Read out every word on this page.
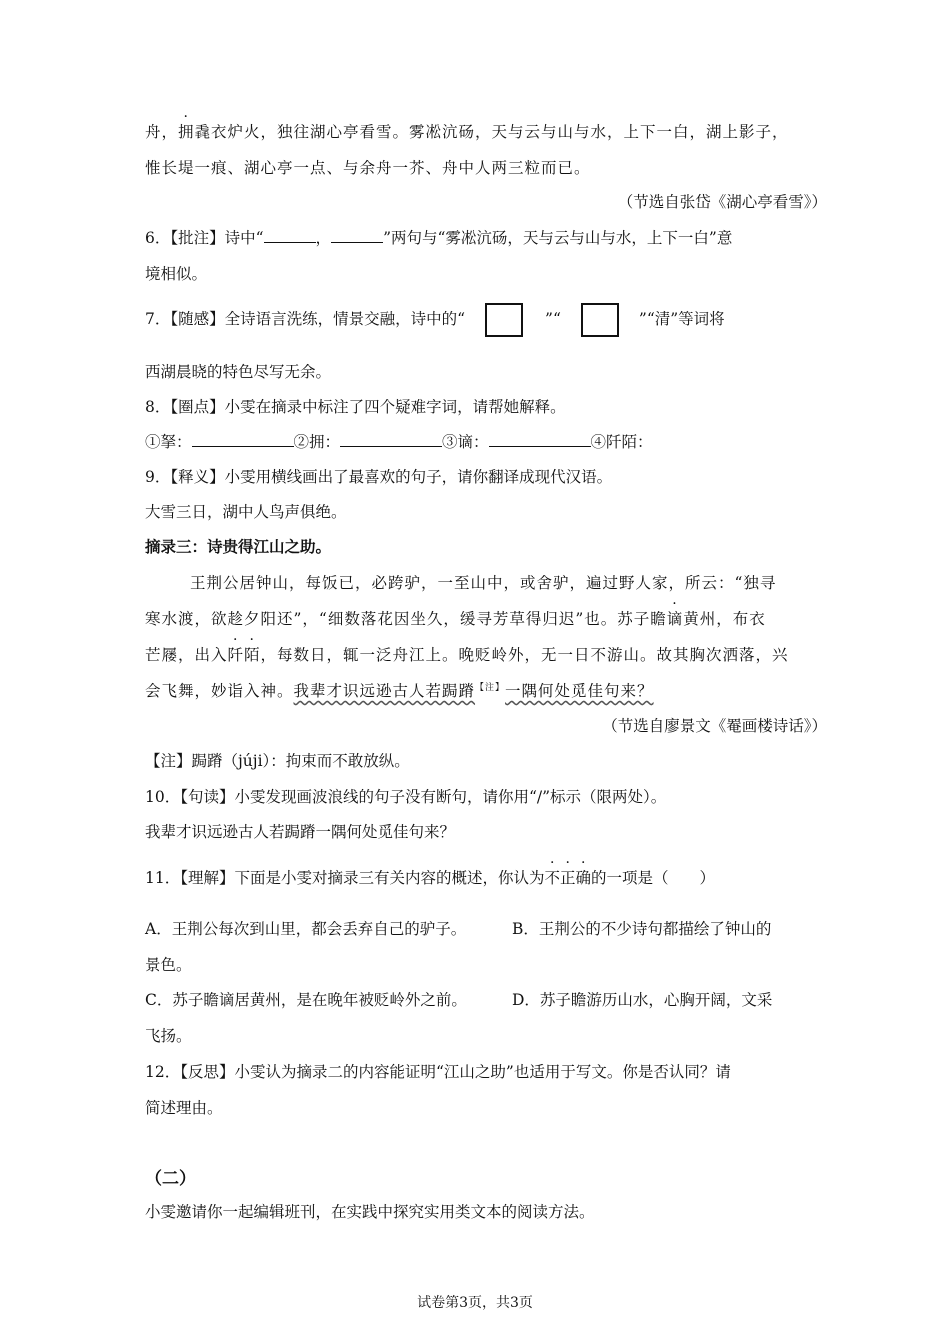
舟，拥毳衣炉火，独往湖心亭看雪。雾凇沆砀，天与云与山与水，上下一白，湖上影子，
惟长堤一痕、湖心亭一点、与余舟一芥、舟中人两三粒而已。
（节选自张岱《湖心亭看雪》）
6．【批注】诗中“	，	”两句与“雾凇沆砀，天与云与山与水，上下一白”意
境相似。
7．【随感】全诗语言洗练，情景交融，诗中的“	”“	”“清”等词将
西湖晨晓的特色尽写无余。
8．【圈点】小雯在摘录中标注了四个疑难字词，请帮她解释。
①拏：	②拥：	③谪：	④阡陌：
9．【释义】小雯用横线画出了最喜欢的句子，请你翻译成现代汉语。
大雪三日，湖中人鸟声俱绝。
摘录三：诗贵得江山之助。
王荆公居钟山，每饭已，必跨驴，一至山中，或舍驴，遍过野人家，所云：“独寻
寒水渡，欲趁夕阳还”，“细数落花因坐久，缓寻芳草得归迟”也。苏子瞻谪黄州，布衣
芒屦，出入阡陌，每数日，辄一泛舟江上。晚贬岭外，无一日不游山。故其胸次洒落，兴
会飞舞，妙诣入神。我辈才识远逊古人若跼蹐$^{【注】}$一隅何处觅佳句来？
（节选自廖景文《罨画楼诗话》）
【注】跼蹐（júji）：拘束而不敢放纵。
10．【句读】小雯发现画波浪线的句子没有断句，请你用“/”标示（限两处）。
我辈才识远逊古人若跼蹐一隅何处觅佳句来？
11．【理解】下面是小雯对摘录三有关内容的概述，你认为不正确的一项是（　　）
A．王荆公每次到山里，都会丢弃自己的驴子。	B．王荆公的不少诗句都描绘了钟山的
景色。
C．苏子瞻谪居黄州，是在晚年被贬岭外之前。	D．苏子瞻游历山水，心胸开阔，文采
飞扬。
12．【反思】小雯认为摘录二的内容能证明“江山之助”也适用于写文。你是否认同？请
简述理由。
（二）
小雯邀请你一起编辑班刊，在实践中探究实用类文本的阅读方法。
试卷第3页，共3页
